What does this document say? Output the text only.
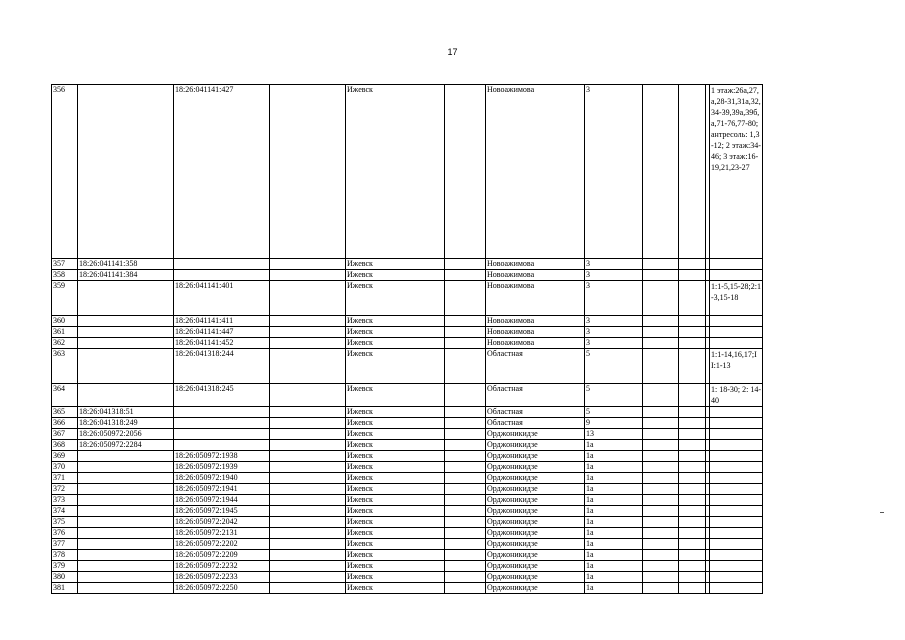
17
356		18:26:041141:427		Ижевск		Новоажимова	3				1 этаж:26а,27,а,28-31,31а,32,34-39,39а,39б,а,71-76,77-80; антресоль: 1,3-12; 2 этаж:34-46; 3 этаж:16-19,21,23-27
357	18:26:041141:358			Ижевск		Новоажимова	3				
358	18:26:041141:384			Ижевск		Новоажимова	3				
359		18:26:041141:401		Ижевск		Новоажимова	3				1:1-5,15-28;2:1-3,15-18
360		18:26:041141:411		Ижевск		Новоажимова	3				
361		18:26:041141:447		Ижевск		Новоажимова	3				
362		18:26:041141:452		Ижевск		Новоажимова	3				
363		18:26:041318:244		Ижевск		Областная	5				1:1-14,16,17;II:1-13
364		18:26:041318:245		Ижевск		Областная	5				1: 18-30; 2: 14-40
365	18:26:041318:51			Ижевск		Областная	5				
366	18:26:041318:249			Ижевск		Областная	9				
367	18:26:050972:2056			Ижевск		Орджоникидзе	13				
368	18:26:050972:2284			Ижевск		Орджоникидзе	1а				
369		18:26:050972:1938		Ижевск		Орджоникидзе	1а				
370		18:26:050972:1939		Ижевск		Орджоникидзе	1а				
371		18:26:050972:1940		Ижевск		Орджоникидзе	1а				
372		18:26:050972:1941		Ижевск		Орджоникидзе	1а				
373		18:26:050972:1944		Ижевск		Орджоникидзе	1а				
374		18:26:050972:1945		Ижевск		Орджоникидзе	1а				
375		18:26:050972:2042		Ижевск		Орджоникидзе	1а				
376		18:26:050972:2131		Ижевск		Орджоникидзе	1а				
377		18:26:050972:2202		Ижевск		Орджоникидзе	1а				
378		18:26:050972:2209		Ижевск		Орджоникидзе	1а				
379		18:26:050972:2232		Ижевск		Орджоникидзе	1а				
380		18:26:050972:2233		Ижевск		Орджоникидзе	1а				
381		18:26:050972:2250		Ижевск		Орджоникидзе	1а				
